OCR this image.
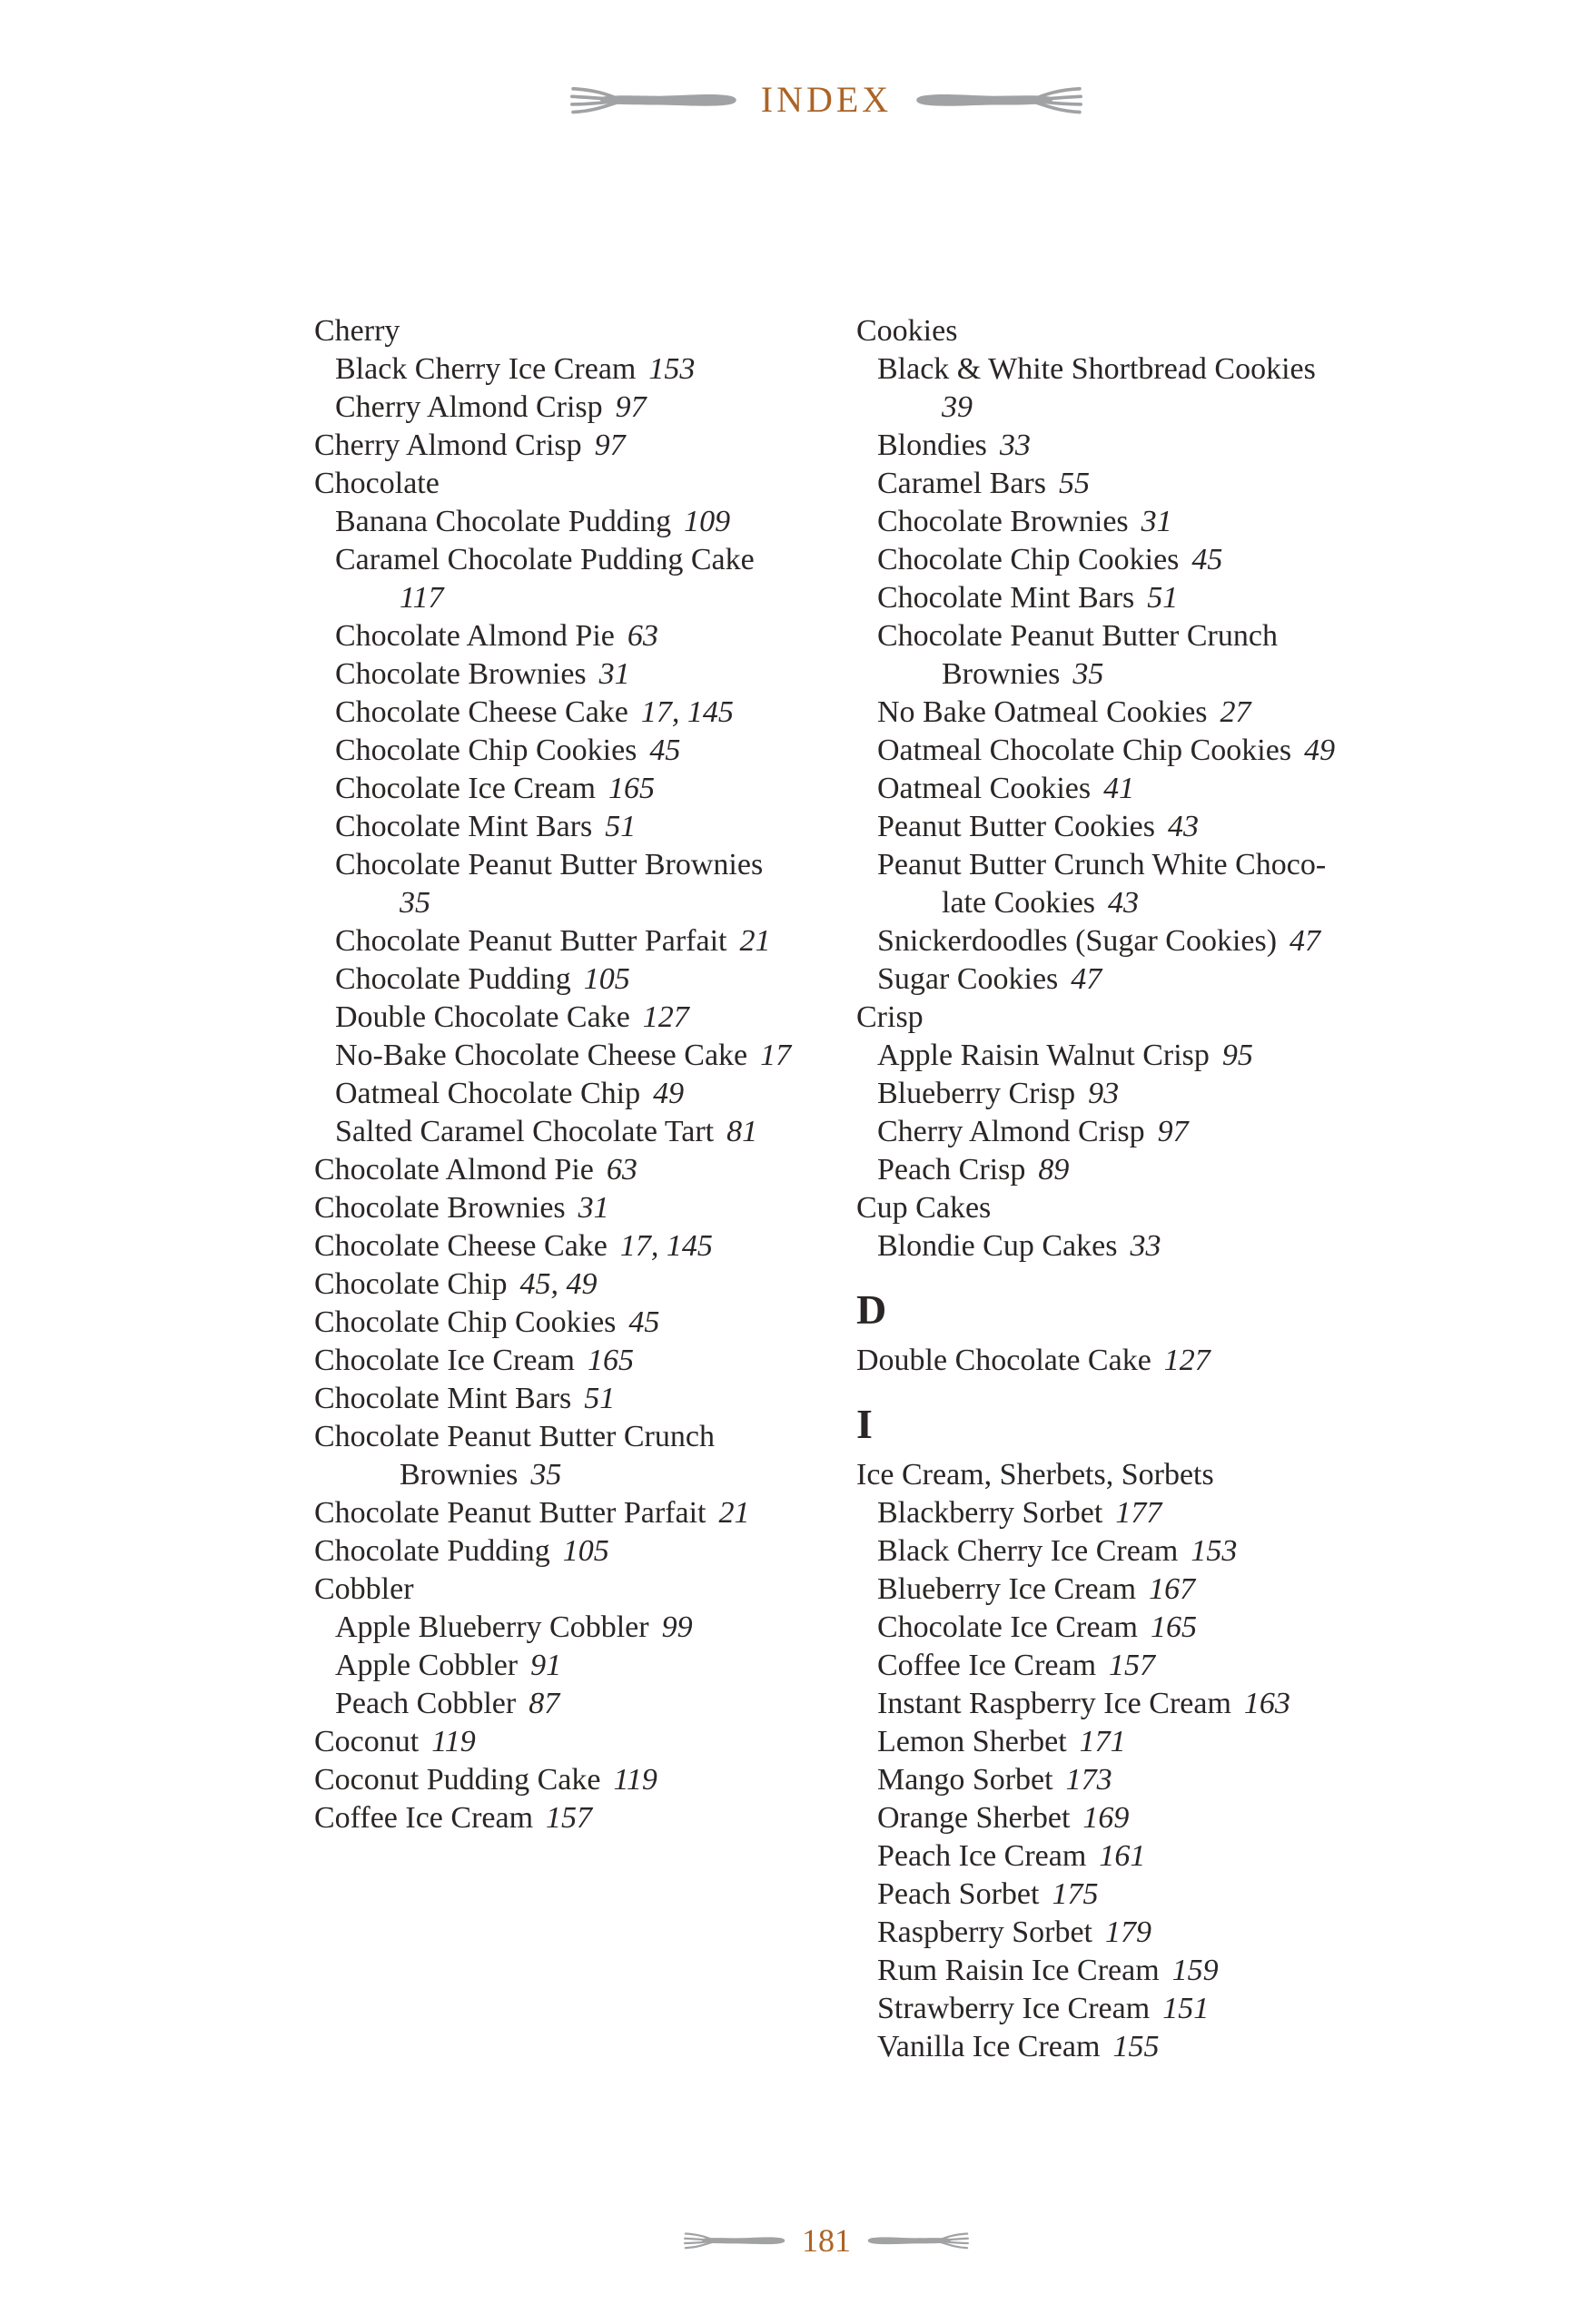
INDEX
Cherry
Black Cherry Ice Cream 153
Cherry Almond Crisp 97
Cherry Almond Crisp 97
Chocolate
Banana Chocolate Pudding 109
Caramel Chocolate Pudding Cake
117
Chocolate Almond Pie 63
Chocolate Brownies 31
Chocolate Cheese Cake 17, 145
Chocolate Chip Cookies 45
Chocolate Ice Cream 165
Chocolate Mint Bars 51
Chocolate Peanut Butter Brownies
35
Chocolate Peanut Butter Parfait 21
Chocolate Pudding 105
Double Chocolate Cake 127
No-Bake Chocolate Cheese Cake 17
Oatmeal Chocolate Chip 49
Salted Caramel Chocolate Tart 81
Chocolate Almond Pie 63
Chocolate Brownies 31
Chocolate Cheese Cake 17, 145
Chocolate Chip 45, 49
Chocolate Chip Cookies 45
Chocolate Ice Cream 165
Chocolate Mint Bars 51
Chocolate Peanut Butter Crunch
Brownies 35
Chocolate Peanut Butter Parfait 21
Chocolate Pudding 105
Cobbler
Apple Blueberry Cobbler 99
Apple Cobbler 91
Peach Cobbler 87
Coconut 119
Coconut Pudding Cake 119
Coffee Ice Cream 157
Cookies
Black & White Shortbread Cookies
39
Blondies 33
Caramel Bars 55
Chocolate Brownies 31
Chocolate Chip Cookies 45
Chocolate Mint Bars 51
Chocolate Peanut Butter Crunch
Brownies 35
No Bake Oatmeal Cookies 27
Oatmeal Chocolate Chip Cookies 49
Oatmeal Cookies 41
Peanut Butter Cookies 43
Peanut Butter Crunch White Choco-
late Cookies 43
Snickerdoodles (Sugar Cookies) 47
Sugar Cookies 47
Crisp
Apple Raisin Walnut Crisp 95
Blueberry Crisp 93
Cherry Almond Crisp 97
Peach Crisp 89
Cup Cakes
Blondie Cup Cakes 33
D
Double Chocolate Cake 127
I
Ice Cream, Sherbets, Sorbets
Blackberry Sorbet 177
Black Cherry Ice Cream 153
Blueberry Ice Cream 167
Chocolate Ice Cream 165
Coffee Ice Cream 157
Instant Raspberry Ice Cream 163
Lemon Sherbet 171
Mango Sorbet 173
Orange Sherbet 169
Peach Ice Cream 161
Peach Sorbet 175
Raspberry Sorbet 179
Rum Raisin Ice Cream 159
Strawberry Ice Cream 151
Vanilla Ice Cream 155
181
